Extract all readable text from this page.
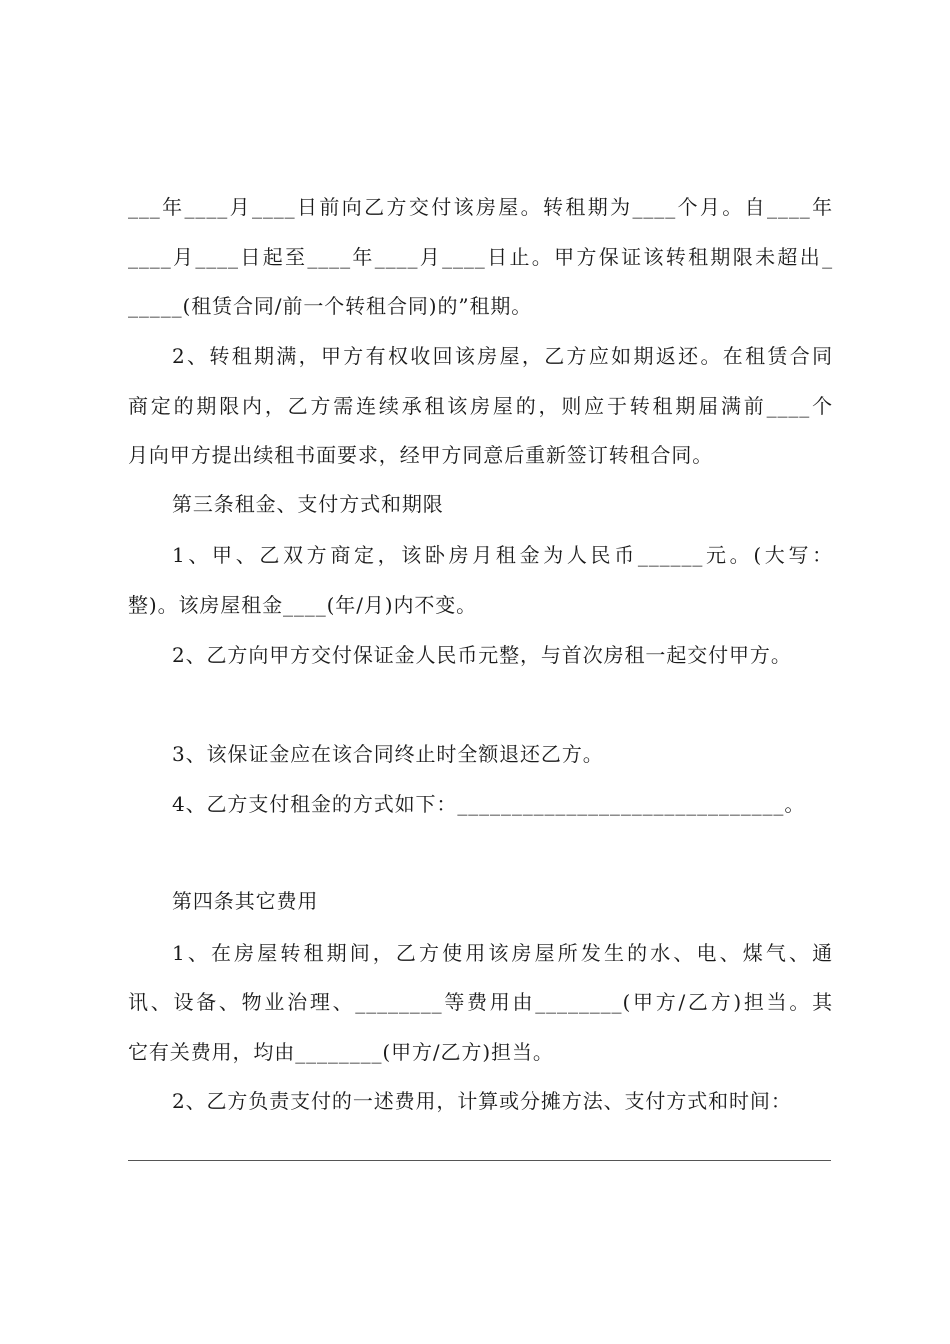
___年____月____日前向乙方交付该房屋。转租期为____个月。自____年
____月____日起至____年____月____日止。甲方保证该转租期限未超出_
_____(租赁合同/前一个转租合同)的”租期。
2、转租期满，甲方有权收回该房屋，乙方应如期返还。在租赁合同
商定的期限内，乙方需连续承租该房屋的，则应于转租期届满前____个
月向甲方提出续租书面要求，经甲方同意后重新签订转租合同。
第三条租金、支付方式和期限
1、甲、乙双方商定，该卧房月租金为人民币______元。(大写：
整)。该房屋租金____(年/月)内不变。
2、乙方向甲方交付保证金人民币元整，与首次房租一起交付甲方。
3、该保证金应在该合同终止时全额退还乙方。
4、乙方支付租金的方式如下：______________________________。
第四条其它费用
1、在房屋转租期间，乙方使用该房屋所发生的水、电、煤气、通
讯、设备、物业治理、________等费用由________(甲方/乙方)担当。其
它有关费用，均由________(甲方/乙方)担当。
2、乙方负责支付的一述费用，计算或分摊方法、支付方式和时间：
